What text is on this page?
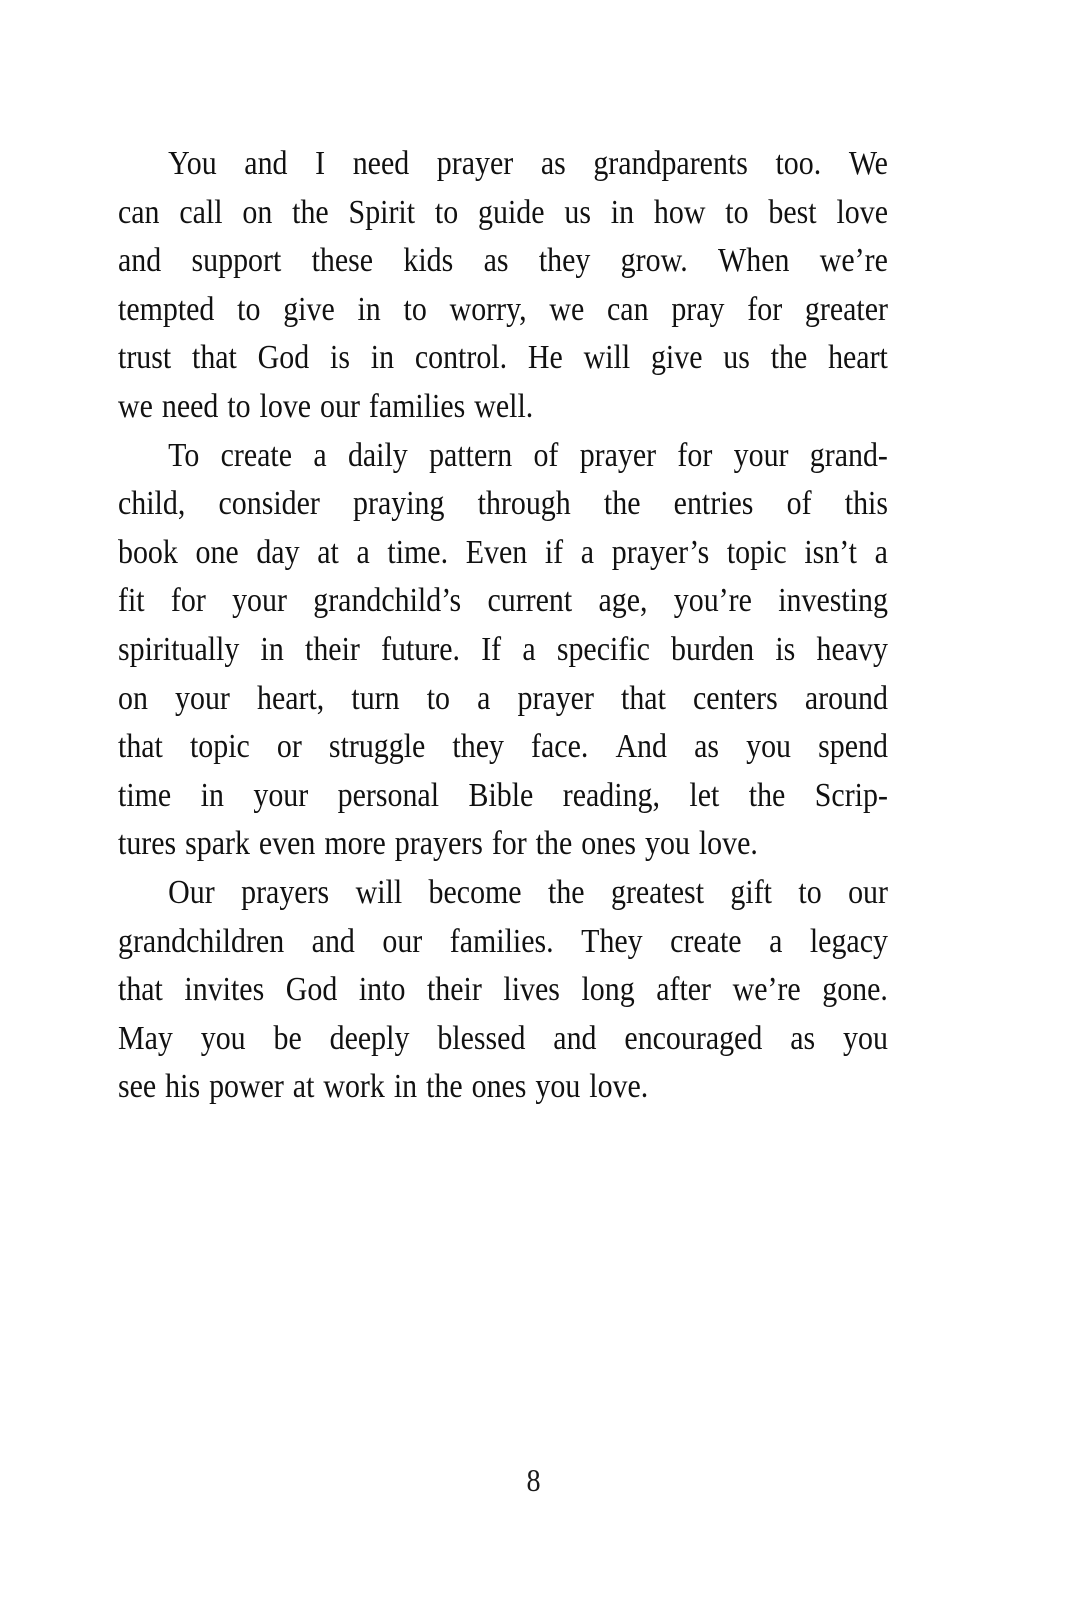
You and I need prayer as grandparents too. We
can call on the Spirit to guide us in how to best love
and support these kids as they grow. When we’re
tempted to give in to worry, we can pray for greater
trust that God is in control. He will give us the heart
we need to love our families well.
To create a daily pattern of prayer for your grand-
child, consider praying through the entries of this
book one day at a time. Even if a prayer’s topic isn’t a
fit for your grandchild’s current age, you’re investing
spiritually in their future. If a specific burden is heavy
on your heart, turn to a prayer that centers around
that topic or struggle they face. And as you spend
time in your personal Bible reading, let the Scrip-
tures spark even more prayers for the ones you love.
Our prayers will become the greatest gift to our
grandchildren and our families. They create a legacy
that invites God into their lives long after we’re gone.
May you be deeply blessed and encouraged as you
see his power at work in the ones you love.
8
